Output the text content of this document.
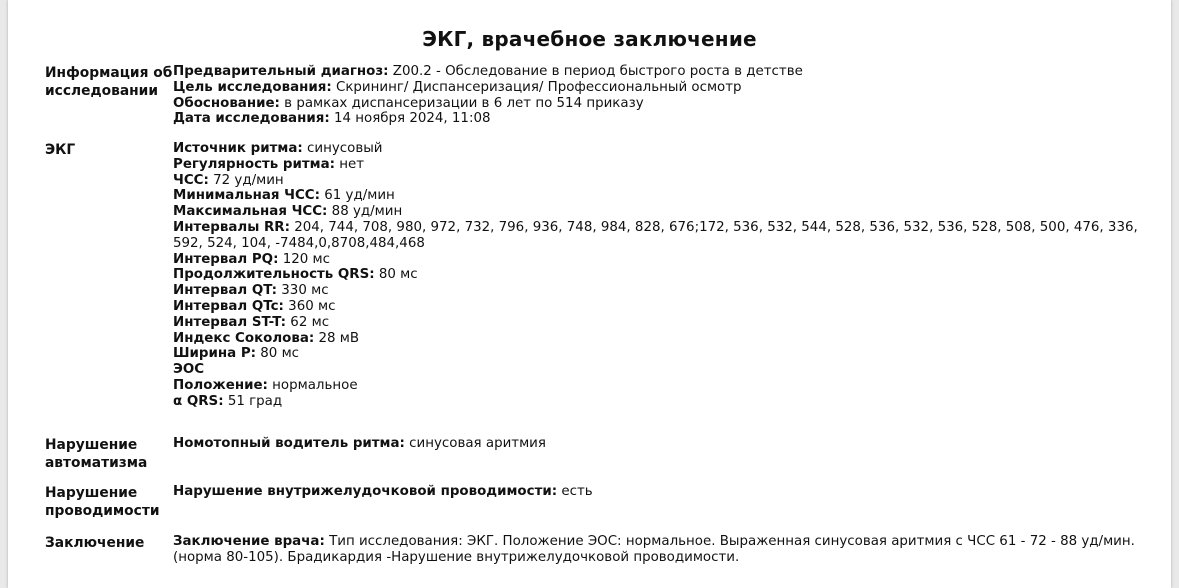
ЭКГ, врачебное заключение
Информация об исследовании
Предварительный диагноз: Z00.2 - Обследование в период быстрого роста в детстве
Цель исследования: Скрининг/ Диспансеризация/ Профессиональный осмотр
Обоснование: в рамках диспансеризации в 6 лет по 514 приказу
Дата исследования: 14 ноября 2024, 11:08
ЭКГ	Источник ритма: синусовый
Регулярность ритма: нет
ЧСС: 72 уд/мин
Минимальная ЧСС: 61 уд/мин
Максимальная ЧСС: 88 уд/мин
Интервалы RR: 204, 744, 708, 980, 972, 732, 796, 936, 748, 984, 828, 676;172, 536, 532, 544, 528, 536, 532, 536, 528, 508, 500, 476, 336, 592, 524, 104, -7484,0,8708,484,468
Интервал PQ: 120 мс
Продолжительность QRS: 80 мс
Интервал QT: 330 мс
Интервал QTc: 360 мс
Интервал ST-T: 62 мс
Индекс Соколова: 28 мВ
Ширина P: 80 мс
ЭОС
Положение: нормальное
α QRS: 51 град
Нарушение автоматизма
Номотопный водитель ритма: синусовая аритмия
Нарушение проводимости
Нарушение внутрижелудочковой проводимости: есть
Заключение	Заключение врача: Тип исследования: ЭКГ. Положение ЭОС: нормальное. Выраженная синусовая аритмия с ЧСС 61 - 72 - 88 уд/мин. (норма 80-105). Брадикардия -Нарушение внутрижелудочковой проводимости.
